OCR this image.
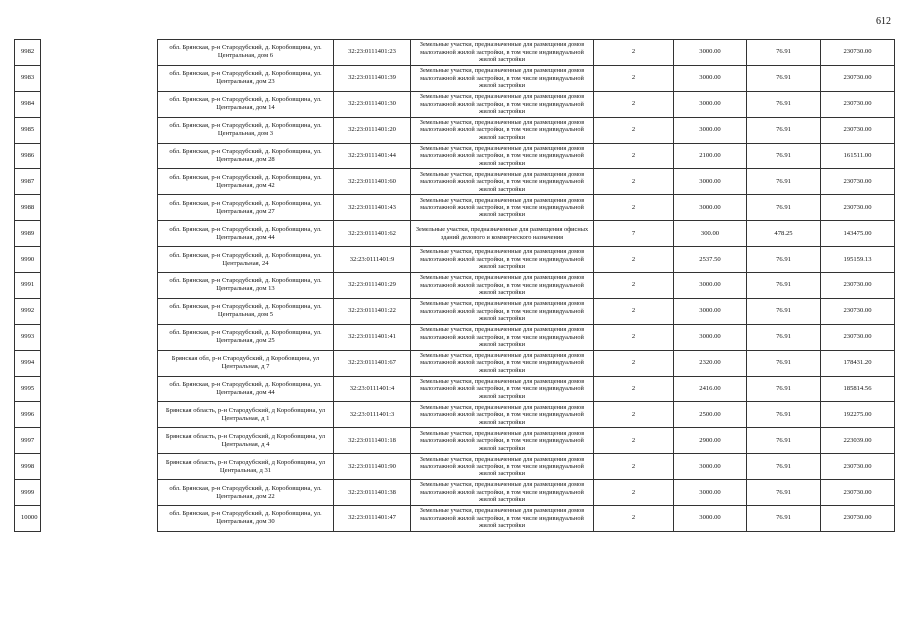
612
9982		обл. Брянская, р-н Стародубский, д. Коробовщина, ул. Центральная, дом 6	32:23:0111401:23	Земельные участки, предназначенные для размещения домов малоэтажной жилой застройки, в том числе индивидуальной жилой застройки	2	3000.00	76.91	230730.00
9983		обл. Брянская, р-н Стародубский, д. Коробовщина, ул. Центральная, дом 23	32:23:0111401:39	Земельные участки, предназначенные для размещения домов малоэтажной жилой застройки, в том числе индивидуальной жилой застройки	2	3000.00	76.91	230730.00
9984		обл. Брянская, р-н Стародубский, д. Коробовщина, ул. Центральная, дом 14	32:23:0111401:30	Земельные участки, предназначенные для размещения домов малоэтажной жилой застройки, в том числе индивидуальной жилой застройки	2	3000.00	76.91	230730.00
9985		обл. Брянская, р-н Стародубский, д. Коробовщина, ул. Центральная, дом 3	32:23:0111401:20	Земельные участки, предназначенные для размещения домов малоэтажной жилой застройки, в том числе индивидуальной жилой застройки	2	3000.00	76.91	230730.00
9986		обл. Брянская, р-н Стародубский, д. Коробовщина, ул. Центральная, дом 28	32:23:0111401:44	Земельные участки, предназначенные для размещения домов малоэтажной жилой застройки, в том числе индивидуальной жилой застройки	2	2100.00	76.91	161511.00
9987		обл. Брянская, р-н Стародубский, д. Коробовщина, ул. Центральная, дом 42	32:23:0111401:60	Земельные участки, предназначенные для размещения домов малоэтажной жилой застройки, в том числе индивидуальной жилой застройки	2	3000.00	76.91	230730.00
9988		обл. Брянская, р-н Стародубский, д. Коробовщина, ул. Центральная, дом 27	32:23:0111401:43	Земельные участки, предназначенные для размещения домов малоэтажной жилой застройки, в том числе индивидуальной жилой застройки	2	3000.00	76.91	230730.00
9989		обл. Брянская, р-н Стародубский, д. Коробовщина, ул. Центральная, дом 44	32:23:0111401:62	Земельные участки, предназначенные для размещения офисных зданий делового и коммерческого назначения	7	300.00	478.25	143475.00
9990		обл. Брянская, р-н Стародубский, д. Коробовщина, ул. Центральная, 24	32:23:0111401:9	Земельные участки, предназначенные для размещения домов малоэтажной жилой застройки, в том числе индивидуальной жилой застройки	2	2537.50	76.91	195159.13
9991		обл. Брянская, р-н Стародубский, д. Коробовщина, ул. Центральная, дом 13	32:23:0111401:29	Земельные участки, предназначенные для размещения домов малоэтажной жилой застройки, в том числе индивидуальной жилой застройки	2	3000.00	76.91	230730.00
9992		обл. Брянская, р-н Стародубский, д. Коробовщина, ул. Центральная, дом 5	32:23:0111401:22	Земельные участки, предназначенные для размещения домов малоэтажной жилой застройки, в том числе индивидуальной жилой застройки	2	3000.00	76.91	230730.00
9993		обл. Брянская, р-н Стародубский, д. Коробовщина, ул. Центральная, дом 25	32:23:0111401:41	Земельные участки, предназначенные для размещения домов малоэтажной жилой застройки, в том числе индивидуальной жилой застройки	2	3000.00	76.91	230730.00
9994		Брянская обл, р-н Стародубский, д Коробовщина, ул Центральная, д 7	32:23:0111401:67	Земельные участки, предназначенные для размещения домов малоэтажной жилой застройки, в том числе индивидуальной жилой застройки	2	2320.00	76.91	178431.20
9995		обл. Брянская, р-н Стародубский, д. Коробовщина, ул. Центральная, дом 44	32:23:0111401:4	Земельные участки, предназначенные для размещения домов малоэтажной жилой застройки, в том числе индивидуальной жилой застройки	2	2416.00	76.91	185814.56
9996		Брянская область, р-н Стародубский, д Коробовщина, ул Центральная, д 1	32:23:0111401:3	Земельные участки, предназначенные для размещения домов малоэтажной жилой застройки, в том числе индивидуальной жилой застройки	2	2500.00	76.91	192275.00
9997		Брянская область, р-н Стародубский, д Коробовщина, ул Центральная, д 4	32:23:0111401:18	Земельные участки, предназначенные для размещения домов малоэтажной жилой застройки, в том числе индивидуальной жилой застройки	2	2900.00	76.91	223039.00
9998		Брянская область, р-н Стародубский, д Коробовщина, ул Центральная, д 31	32:23:0111401:90	Земельные участки, предназначенные для размещения домов малоэтажной жилой застройки, в том числе индивидуальной жилой застройки	2	3000.00	76.91	230730.00
9999		обл. Брянская, р-н Стародубский, д. Коробовщина, ул. Центральная, дом 22	32:23:0111401:38	Земельные участки, предназначенные для размещения домов малоэтажной жилой застройки, в том числе индивидуальной жилой застройки	2	3000.00	76.91	230730.00
10000		обл. Брянская, р-н Стародубский, д. Коробовщина, ул. Центральная, дом 30	32:23:0111401:47	Земельные участки, предназначенные для размещения домов малоэтажной жилой застройки, в том числе индивидуальной жилой застройки	2	3000.00	76.91	230730.00
